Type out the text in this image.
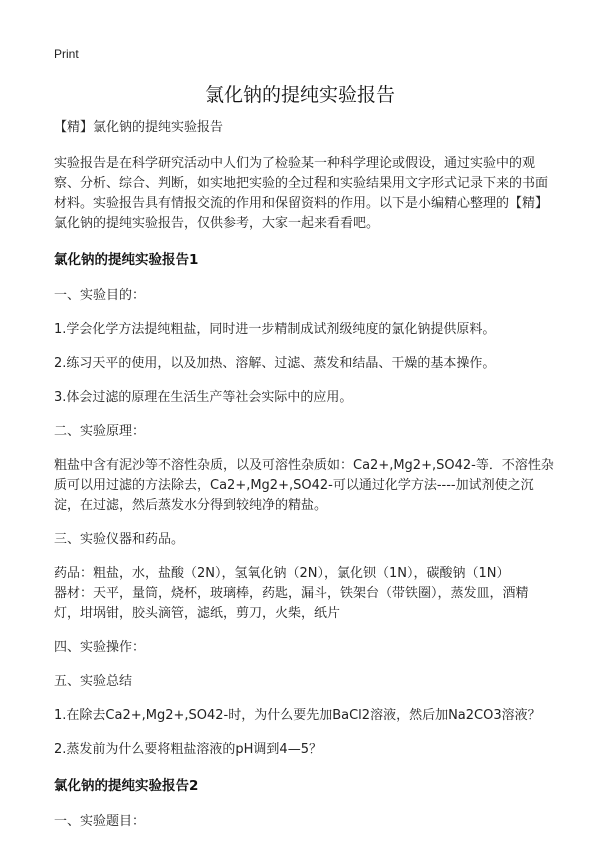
Print
氯化钠的提纯实验报告

【精】氯化钠的提纯实验报告

实验报告是在科学研究活动中人们为了检验某一种科学理论或假设，通过实验中的观察、分析、综合、判断，如实地把实验的全过程和实验结果用文字形式记录下来的书面材料。实验报告具有情报交流的作用和保留资料的作用。以下是小编精心整理的【精】氯化钠的提纯实验报告，仅供参考，大家一起来看看吧。

氯化钠的提纯实验报告1

一、实验目的：

1.学会化学方法提纯粗盐，同时进一步精制成试剂级纯度的氯化钠提供原料。

2.练习天平的使用，以及加热、溶解、过滤、蒸发和结晶、干燥的基本操作。

3.体会过滤的原理在生活生产等社会实际中的应用。

二、实验原理：

粗盐中含有泥沙等不溶性杂质，以及可溶性杂质如：Ca2+,Mg2+,SO42-等．不溶性杂质可以用过滤的方法除去，Ca2+,Mg2+,SO42-可以通过化学方法----加试剂使之沉淀，在过滤，然后蒸发水分得到较纯净的精盐。

三、实验仪器和药品。

药品：粗盐，水，盐酸（2N），氢氧化钠（2N），氯化钡（1N），碳酸钠（1N）

器材：天平，量筒，烧杯，玻璃棒，药匙，漏斗，铁架台（带铁圈），蒸发皿，酒精灯，坩埚钳，胶头滴管，滤纸，剪刀，火柴，纸片

四、实验操作：

五、实验总结

1.在除去Ca2+,Mg2+,SO42-时，为什么要先加BaCl2溶液，然后加Na2CO3溶液？

2.蒸发前为什么要将粗盐溶液的pH调到4—5？

氯化钠的提纯实验报告2

一、实验题目：
